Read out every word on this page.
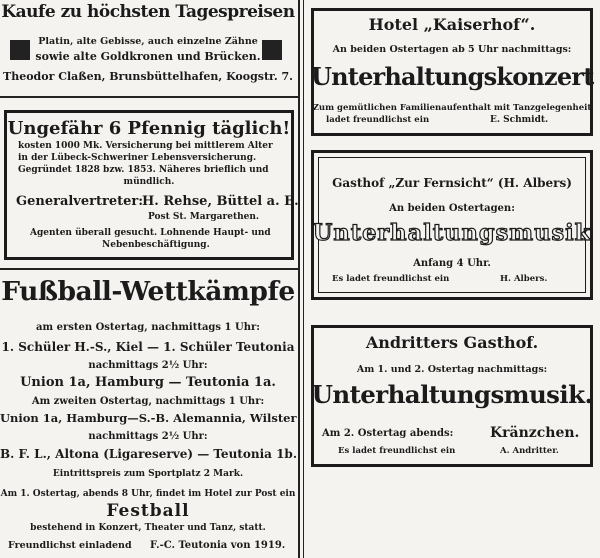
Kaufe zu höchsten Tagespreisen
Platin, alte Gebisse, auch einzelne Zähne
sowie alte Goldkronen und Brücken.
Theodor Claßen, Brunsbüttelhafen, Koogstr. 7.
Ungefähr 6 Pfennig täglich!
kosten 1000 Mk. Versicherung bei mittlerem Alter
in der Lübeck-Schweriner Lebensversicherung.
Gegründet 1828 bzw. 1853. Näheres brieflich und
mündlich.
Generalvertreter:
H. Rehse, Büttel a. E.
Post St. Margarethen.
Agenten überall gesucht. Lohnende Haupt- und
Nebenbeschäftigung.
Fußball-Wettkämpfe
am ersten Ostertag, nachmittags 1 Uhr:
1. Schüler H.-S., Kiel — 1. Schüler Teutonia
nachmittags 2½ Uhr:
Union 1a, Hamburg — Teutonia 1a.
Am zweiten Ostertag, nachmittags 1 Uhr:
Union 1a, Hamburg—S.-B. Alemannia, Wilster
nachmittags 2½ Uhr:
B. F. L., Altona (Ligareserve) — Teutonia 1b.
Eintrittspreis zum Sportplatz 2 Mark.
Am 1. Ostertag, abends 8 Uhr, findet im Hotel zur Post ein
Festball
bestehend in Konzert, Theater und Tanz, statt.
Freundlichst einladend F.-C. Teutonia von 1919.
Hotel „Kaiserhof“.
An beiden Ostertagen ab 5 Uhr nachmittags:
Unterhaltungskonzert
Zum gemütlichen Familienaufenthalt mit Tanzgelegenheit
ladet freundlichst ein	E. Schmidt.
Gasthof „Zur Fernsicht“ (H. Albers)
An beiden Ostertagen:
Unterhaltungsmusik
Anfang 4 Uhr.
Es ladet freundlichst ein	H. Albers.
Andritters Gasthof.
Am 1. und 2. Ostertag nachmittags:
Unterhaltungsmusik.
Am 2. Ostertag abends:	Kränzchen.
Es ladet freundlichst ein	A. Andritter.
